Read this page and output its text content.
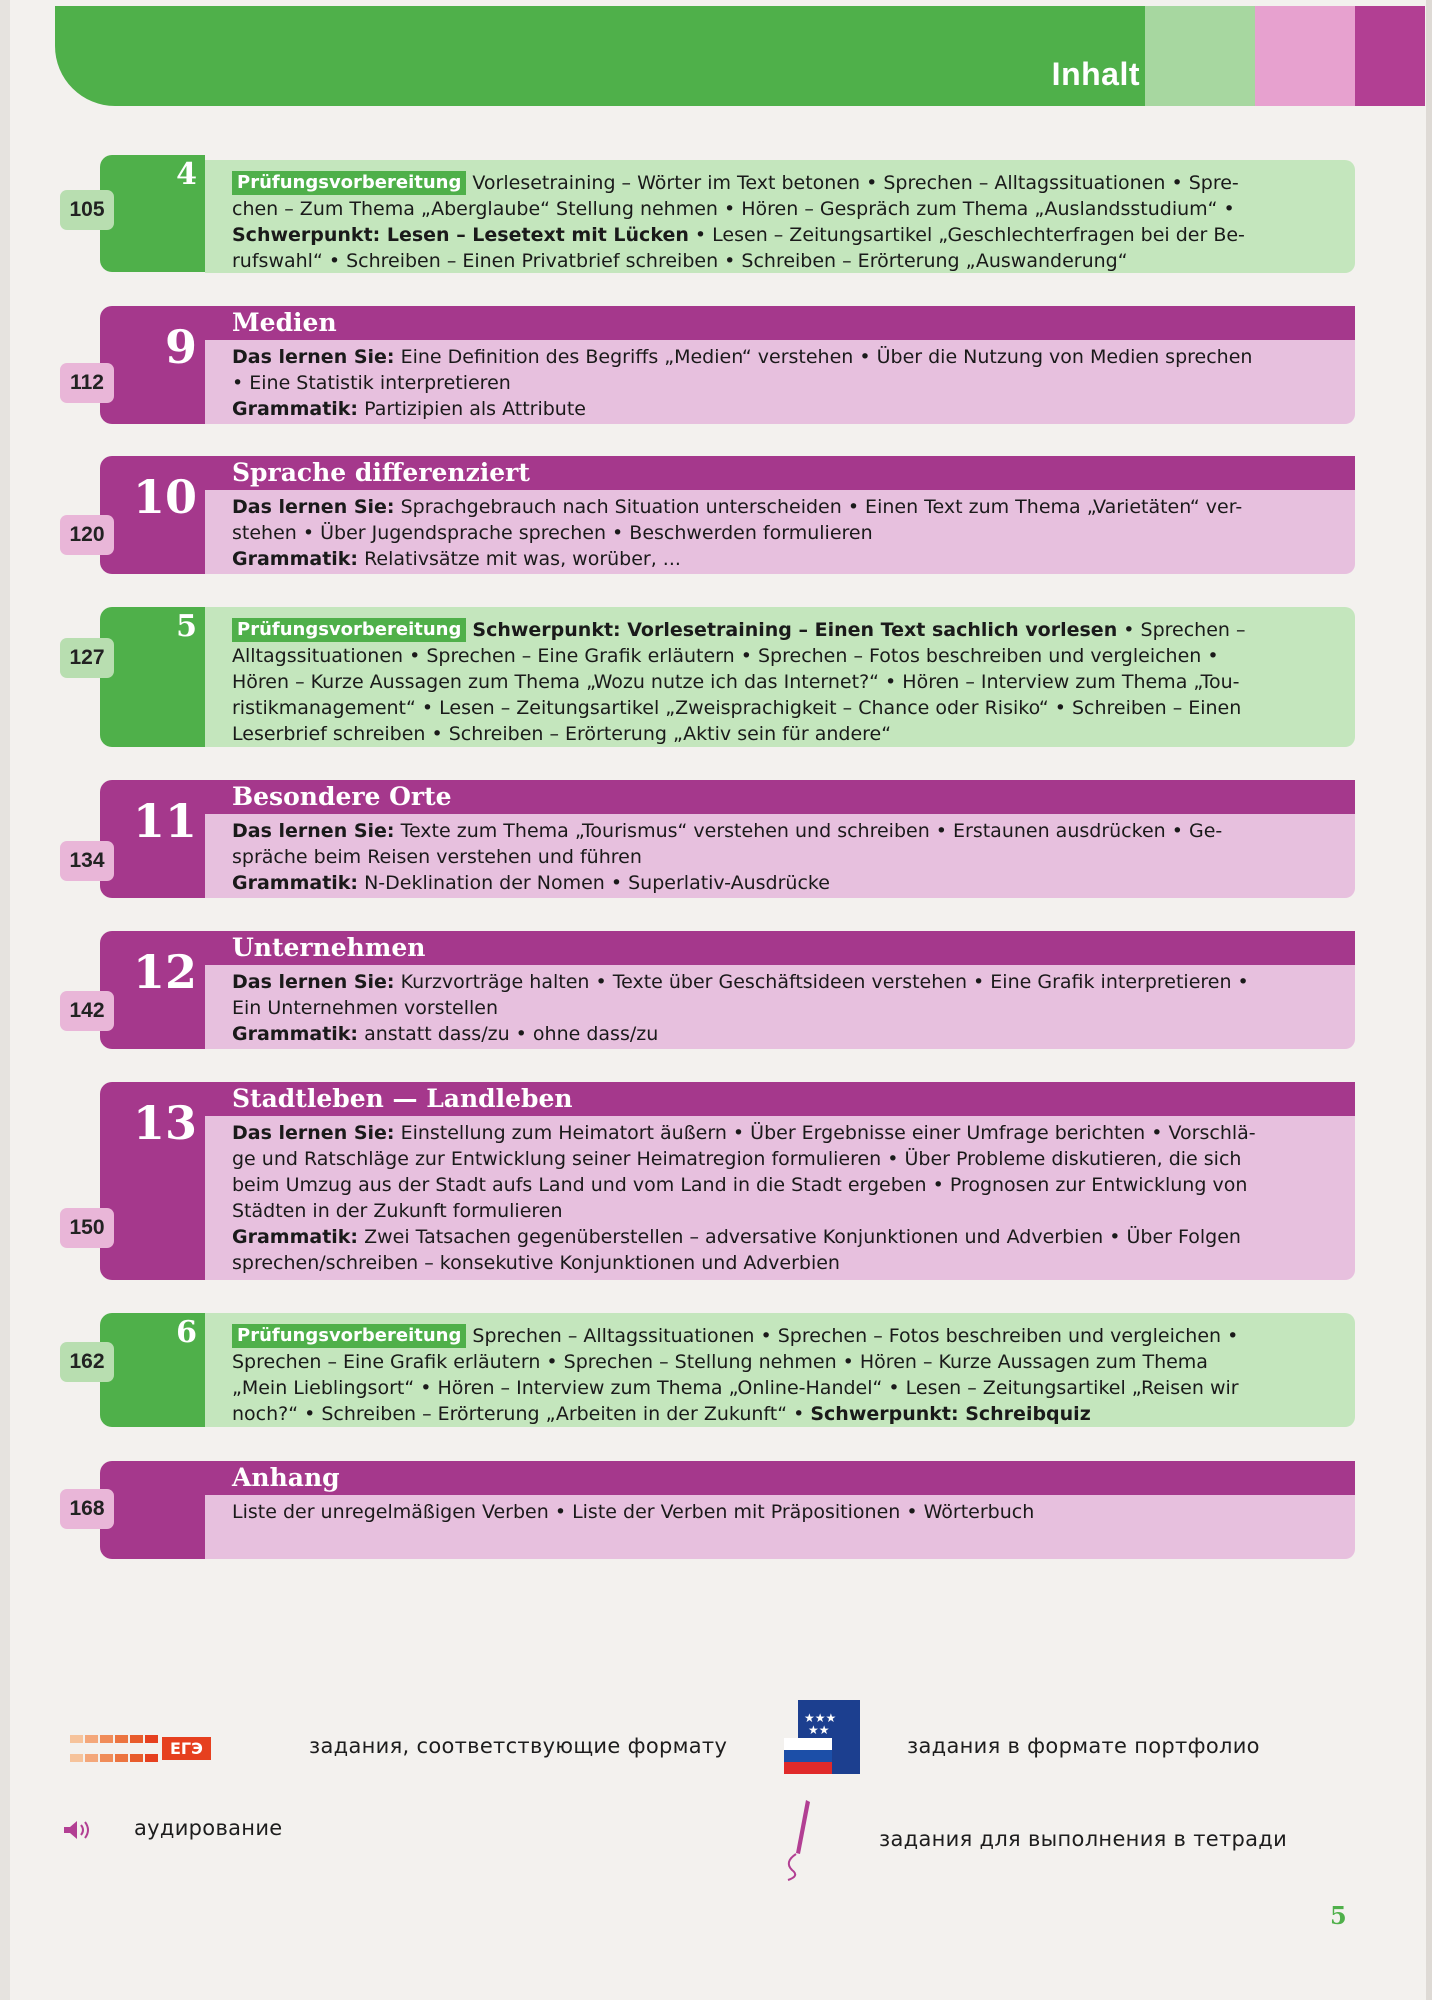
Inhalt
4
105

Prüfungsvorbereitung Vorlesetraining – Wörter im Text betonen • Sprechen – Alltagssituationen • Spre-

chen – Zum Thema „Aberglaube“ Stellung nehmen • Hören – Gespräch zum Thema „Auslandsstudium“ •

Schwerpunkt: Lesen – Lesetext mit Lücken • Lesen – Zeitungsartikel „Geschlechterfragen bei der Be-

rufswahl“ • Schreiben – Einen Privatbrief schreiben • Schreiben – Erörterung „Auswanderung“

9
112
Medien

Das lernen Sie: Eine Definition des Begriffs „Medien“ verstehen • Über die Nutzung von Medien sprechen

• Eine Statistik interpretieren

Grammatik: Partizipien als Attribute

10
120
Sprache differenziert

Das lernen Sie: Sprachgebrauch nach Situation unterscheiden • Einen Text zum Thema „Varietäten“ ver-

stehen • Über Jugendsprache sprechen • Beschwerden formulieren

Grammatik: Relativsätze mit was, worüber, ...

5
127

Prüfungsvorbereitung Schwerpunkt: Vorlesetraining – Einen Text sachlich vorlesen • Sprechen –

Alltagssituationen • Sprechen – Eine Grafik erläutern • Sprechen – Fotos beschreiben und vergleichen •

Hören – Kurze Aussagen zum Thema „Wozu nutze ich das Internet?“ • Hören – Interview zum Thema „Tou-

ristikmanagement“ • Lesen – Zeitungsartikel „Zweisprachigkeit – Chance oder Risiko“ • Schreiben – Einen

Leserbrief schreiben • Schreiben – Erörterung „Aktiv sein für andere“

11
134
Besondere Orte

Das lernen Sie: Texte zum Thema „Tourismus“ verstehen und schreiben • Erstaunen ausdrücken • Ge-

spräche beim Reisen verstehen und führen

Grammatik: N-Deklination der Nomen • Superlativ-Ausdrücke

12
142
Unternehmen

Das lernen Sie: Kurzvorträge halten • Texte über Geschäftsideen verstehen • Eine Grafik interpretieren •

Ein Unternehmen vorstellen

Grammatik: anstatt dass/zu • ohne dass/zu

13
150
Stadtleben — Landleben

Das lernen Sie: Einstellung zum Heimatort äußern • Über Ergebnisse einer Umfrage berichten • Vorschlä-

ge und Ratschläge zur Entwicklung seiner Heimatregion formulieren • Über Probleme diskutieren, die sich

beim Umzug aus der Stadt aufs Land und vom Land in die Stadt ergeben • Prognosen zur Entwicklung von

Städten in der Zukunft formulieren

Grammatik: Zwei Tatsachen gegenüberstellen – adversative Konjunktionen und Adverbien • Über Folgen

sprechen/schreiben – konsekutive Konjunktionen und Adverbien

6
162

Prüfungsvorbereitung Sprechen – Alltagssituationen • Sprechen – Fotos beschreiben und vergleichen •

Sprechen – Eine Grafik erläutern • Sprechen – Stellung nehmen • Hören – Kurze Aussagen zum Thema

„Mein Lieblingsort“ • Hören – Interview zum Thema „Online-Handel“ • Lesen – Zeitungsartikel „Reisen wir

noch?“ • Schreiben – Erörterung „Arbeiten in der Zukunft“ • Schwerpunkt: Schreibquiz

168
Anhang

Liste der unregelmäßigen Verben • Liste der Verben mit Präpositionen • Wörterbuch

ЕГЭ	задания, соответствующие формату
★★★
★★
задания в формате портфолио
аудирование	задания для выполнения в тетради
5
